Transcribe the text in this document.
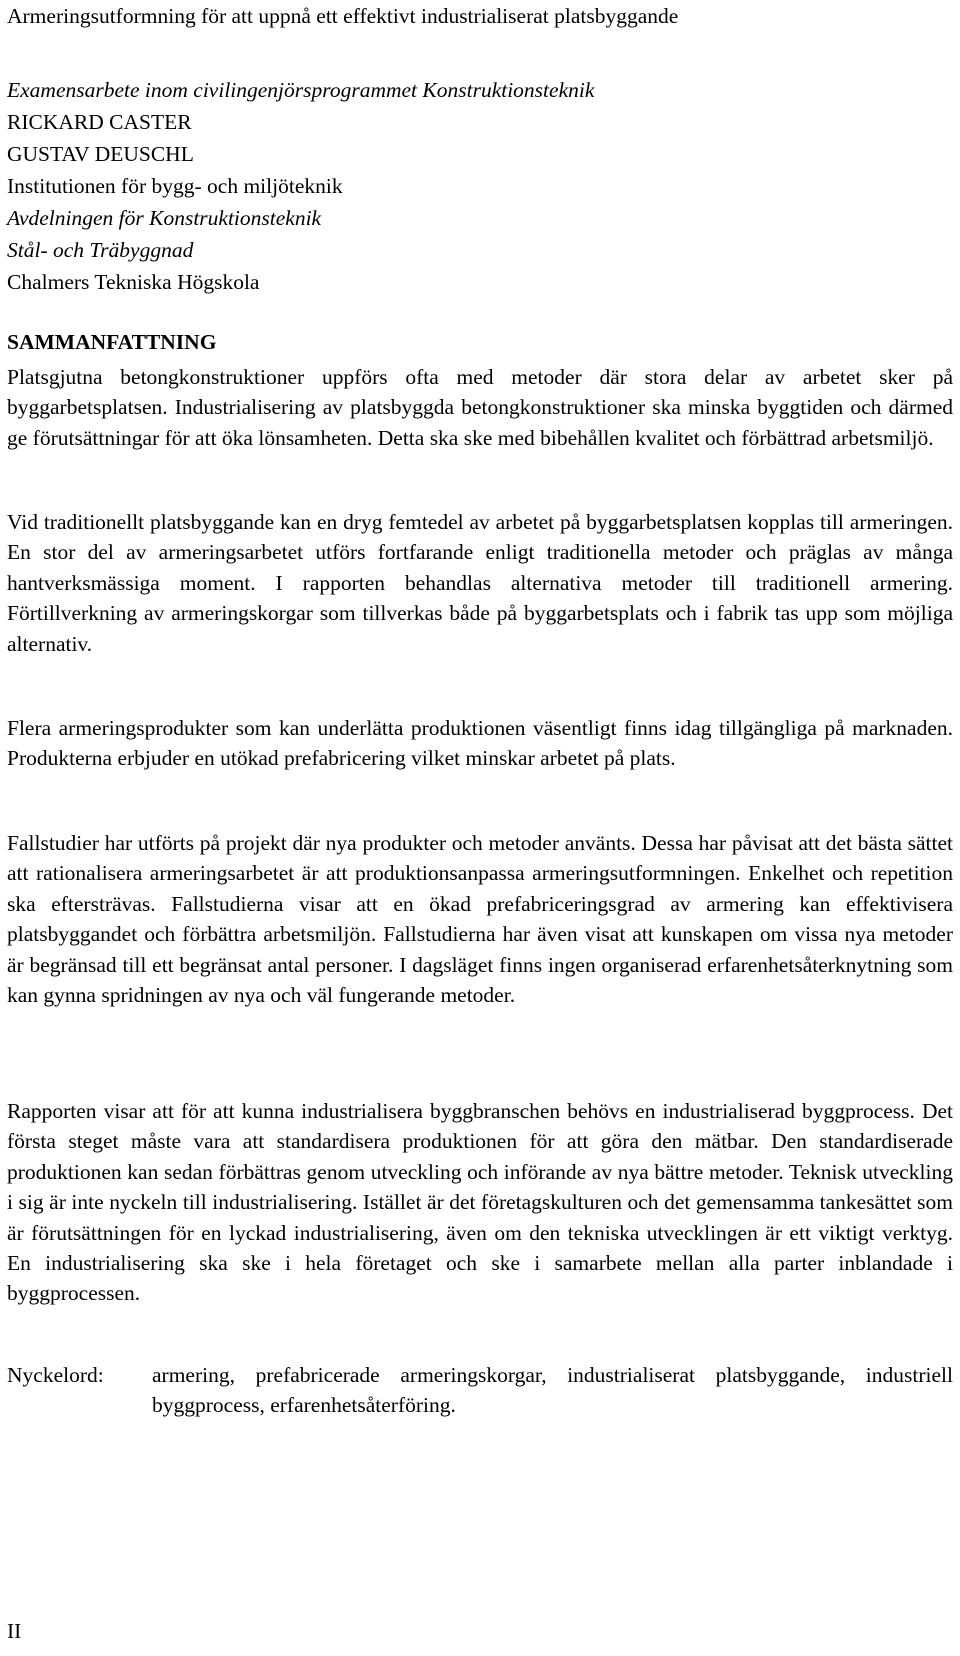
Armeringsutformning för att uppnå ett effektivt industrialiserat platsbyggande
Examensarbete inom civilingenjörsprogrammet Konstruktionsteknik
RICKARD CASTER
GUSTAV DEUSCHL
Institutionen för bygg- och miljöteknik
Avdelningen för Konstruktionsteknik
Stål- och Träbyggnad
Chalmers Tekniska Högskola
SAMMANFATTNING

Platsgjutna betongkonstruktioner uppförs ofta med metoder där stora delar av arbetet sker på byggarbetsplatsen. Industrialisering av platsbyggda betongkonstruktioner ska minska byggtiden och därmed ge förutsättningar för att öka lönsamheten. Detta ska ske med bibehållen kvalitet och förbättrad arbetsmiljö.

Vid traditionellt platsbyggande kan en dryg femtedel av arbetet på byggarbetsplatsen kopplas till armeringen. En stor del av armeringsarbetet utförs fortfarande enligt traditionella metoder och präglas av många hantverksmässiga moment. I rapporten behandlas alternativa metoder till traditionell armering. Förtillverkning av armeringskorgar som tillverkas både på byggarbetsplats och i fabrik tas upp som möjliga alternativ.

Flera armeringsprodukter som kan underlätta produktionen väsentligt finns idag tillgängliga på marknaden. Produkterna erbjuder en utökad prefabricering vilket minskar arbetet på plats.

Fallstudier har utförts på projekt där nya produkter och metoder använts. Dessa har påvisat att det bästa sättet att rationalisera armeringsarbetet är att produktionsanpassa armeringsutformningen. Enkelhet och repetition ska eftersträvas. Fallstudierna visar att en ökad prefabriceringsgrad av armering kan effektivisera platsbyggandet och förbättra arbetsmiljön. Fallstudierna har även visat att kunskapen om vissa nya metoder är begränsad till ett begränsat antal personer. I dagsläget finns ingen organiserad erfarenhetsåterknytning som kan gynna spridningen av nya och väl fungerande metoder.

Rapporten visar att för att kunna industrialisera byggbranschen behövs en industrialiserad byggprocess. Det första steget måste vara att standardisera produktionen för att göra den mätbar. Den standardiserade produktionen kan sedan förbättras genom utveckling och införande av nya bättre metoder. Teknisk utveckling i sig är inte nyckeln till industrialisering. Istället är det företagskulturen och det gemensamma tankesättet som är förutsättningen för en lyckad industrialisering, även om den tekniska utvecklingen är ett viktigt verktyg. En industrialisering ska ske i hela företaget och ske i samarbete mellan alla parter inblandade i byggprocessen.

Nyckelord:	armering, prefabricerade armeringskorgar, industrialiserat platsbyggande, industriell byggprocess, erfarenhetsåterföring.
II
